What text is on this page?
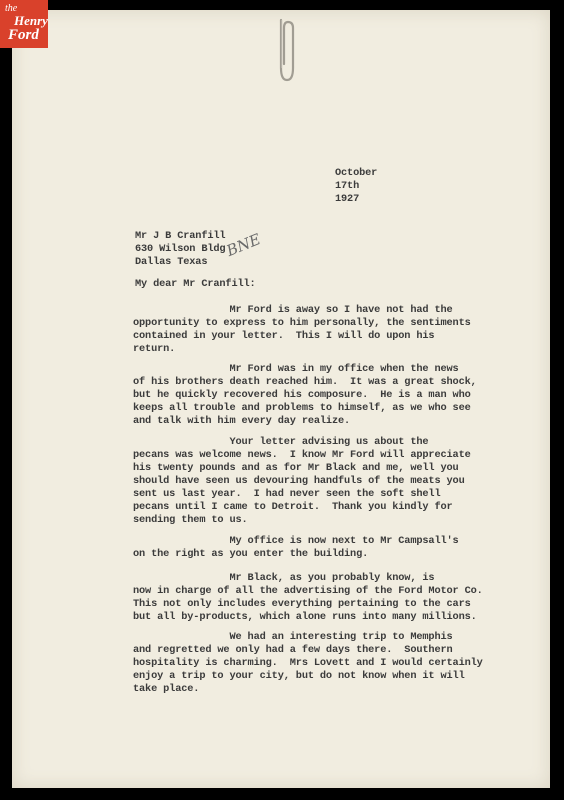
the
Henry
Ford
October
17th
1927
Mr J B Cranfill
630 Wilson Bldg
Dallas Texas
BNE
My dear Mr Cranfill:
Mr Ford is away so I have not had the
opportunity to express to him personally, the sentiments
contained in your letter.  This I will do upon his
return.
Mr Ford was in my office when the news
of his brothers death reached him.  It was a great shock,
but he quickly recovered his composure.  He is a man who
keeps all trouble and problems to himself, as we who see
and talk with him every day realize.
Your letter advising us about the
pecans was welcome news.  I know Mr Ford will appreciate
his twenty pounds and as for Mr Black and me, well you
should have seen us devouring handfuls of the meats you
sent us last year.  I had never seen the soft shell
pecans until I came to Detroit.  Thank you kindly for
sending them to us.
My office is now next to Mr Campsall's
on the right as you enter the building.
Mr Black, as you probably know, is
now in charge of all the advertising of the Ford Motor Co.
This not only includes everything pertaining to the cars
but all by-products, which alone runs into many millions.
We had an interesting trip to Memphis
and regretted we only had a few days there.  Southern
hospitality is charming.  Mrs Lovett and I would certainly
enjoy a trip to your city, but do not know when it will
take place.
